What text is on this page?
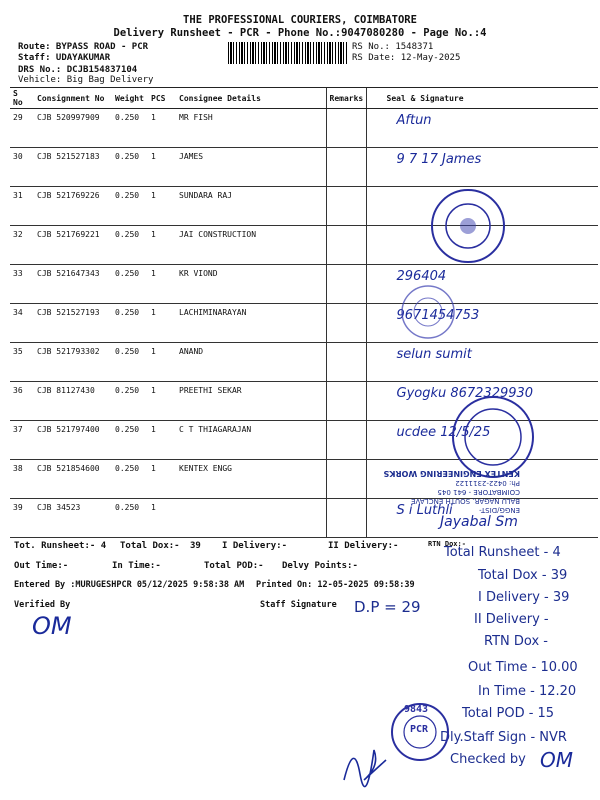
THE PROFESSIONAL COURIERS, COIMBATORE
Delivery Runsheet - PCR - Phone No.:9047080280 - Page No.:4
Route: BYPASS ROAD - PCR
Staff: UDAYAKUMAR
DRS No.: DCJB154837104
Vehicle: Big Bag Delivery
RS No.: 1548371
RS Date: 12-May-2025
S No	Consignment No	Weight	PCS	Consignee Details	Remarks	Seal & Signature
29	CJB 520997909	0.250	1	MR FISH		Aftun
30	CJB 521527183	0.250	1	JAMES		9 7 17 James
31	CJB 521769226	0.250	1	SUNDARA RAJ		
32	CJB 521769221	0.250	1	JAI CONSTRUCTION		
33	CJB 521647343	0.250	1	KR VIOND		296404
34	CJB 521527193	0.250	1	LACHIMINARAYAN		9671454753
35	CJB 521793302	0.250	1	ANAND		selun sumit
36	CJB 81127430	0.250	1	PREETHI SEKAR		Gyogku 8672329930
37	CJB 521797400	0.250	1	C T THIAGARAJAN		ucdee 12/5/25
38	CJB 521854600	0.250	1	KENTEX ENGG		
39	CJB 34523	0.250	1			S i Luthli	ENGG/DIST-
BALU NAGAR, SOUTH ENCLAVE
COIMBATORE - 641 045
Ph: 0422-2311122
KENTEX ENGINEERING WORKS
Jayabal Sm
Tot. Runsheet:- 4 Total Dox:- 39 I Delivery:-	II Delivery:-	RTN Dox:-
Out Time:-	In Time:-	Total POD:- Delvy Points:-
Entered By :MURUGESHPCR 05/12/2025 9:58:38 AM Printed On: 12-05-2025 09:58:39
Verified By	Staff Signature D.P = 29
OM
Total Runsheet - 4
Total Dox - 39
I Delivery - 39
II Delivery -
RTN Dox -
Out Time - 10.00
In Time - 12.20
Total POD - 15
Dly.Staff Sign - NVR
Checked by OM
9843
PCR
